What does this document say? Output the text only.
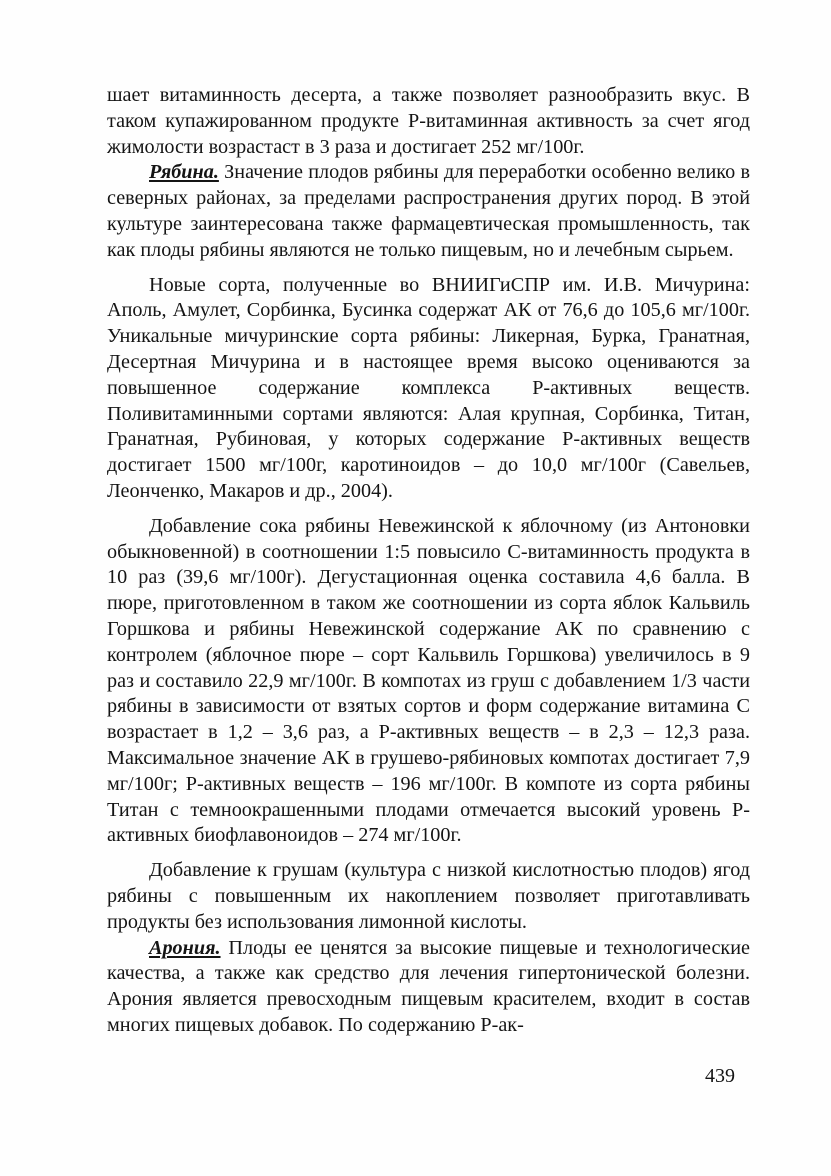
шает витаминность десерта, а также позволяет разнообразить вкус. В таком купажированном продукте Р-витаминная активность за счет ягод жимолости возрастаст в 3 раза и достигает 252 мг/100г.

Рябина. Значение плодов рябины для переработки особенно велико в северных районах, за пределами распространения других пород. В этой культуре заинтересована также фармацевтическая промышленность, так как плоды рябины являются не только пищевым, но и лечебным сырьем.

Новые сорта, полученные во ВНИИГиСПР им. И.В. Мичурина: Аполь, Амулет, Сорбинка, Бусинка содержат АК от 76,6 до 105,6 мг/100г. Уникальные мичуринские сорта рябины: Ликерная, Бурка, Гранатная, Десертная Мичурина и в настоящее время высоко оцениваются за повышенное содержание комплекса Р-активных веществ. Поливитаминными сортами являются: Алая крупная, Сорбинка, Титан, Гранатная, Рубиновая, у которых содержание Р-активных веществ достигает 1500 мг/100г, каротиноидов – до 10,0 мг/100г (Савельев, Леонченко, Макаров и др., 2004).

Добавление сока рябины Невежинской к яблочному (из Антоновки обыкновенной) в соотношении 1:5 повысило С-витаминность продукта в 10 раз (39,6 мг/100г). Дегустационная оценка составила 4,6 балла. В пюре, приготовленном в таком же соотношении из сорта яблок Кальвиль Горшкова и рябины Невежинской содержание АК по сравнению с контролем (яблочное пюре – сорт Кальвиль Горшкова) увеличилось в 9 раз и составило 22,9 мг/100г. В компотах из груш с добавлением 1/3 части рябины в зависимости от взятых сортов и форм содержание витамина С возрастает в 1,2 – 3,6 раз, а Р-активных веществ – в 2,3 – 12,3 раза. Максимальное значение АК в грушево-рябиновых компотах достигает 7,9 мг/100г; Р-активных веществ – 196 мг/100г. В компоте из сорта рябины Титан с темноокрашенными плодами отмечается высокий уровень Р-активных биофлавоноидов – 274 мг/100г.

Добавление к грушам (культура с низкой кислотностью плодов) ягод рябины с повышенным их накоплением позволяет приготавливать продукты без использования лимонной кислоты.

Арония. Плоды ее ценятся за высокие пищевые и технологические качества, а также как средство для лечения гипертонической болезни. Арония является превосходным пищевым красителем, входит в состав многих пищевых добавок. По содержанию Р-ак-

439
